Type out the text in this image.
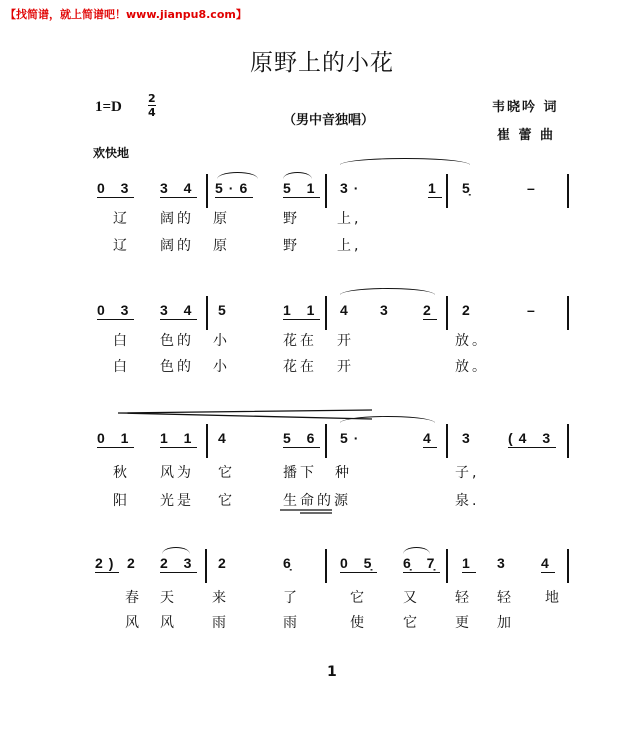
【找简谱，就上简谱吧！www.jianpu8.com】
原野上的小花
$1=D \frac{2}{4}$
（男中音独唱）
韦晓吟 词
崔 蕾 曲
欢快地
0 3 3 4 5·6 5 1 3·	1 5̣	–
辽 阔的 原	野	上,
辽 阔的 原	野	上,
0 3 3 4 5	1 1 4 3 2 2	–
白 色的 小	花在 开	放。
白 色的 小	花在 开	放。
0 1 1 1 4	5 6 5·	4 3 (4 3
秋 风为 它	播下 种	子,
阳 光是 它	生命的源	泉.
2) 2 2 3 2	6̣	0 5̣ 6̣ 7̣ 1 3 4
春 天	来	了	它	又	轻 轻 地
风 风	雨	雨	使	它	更 加
1
